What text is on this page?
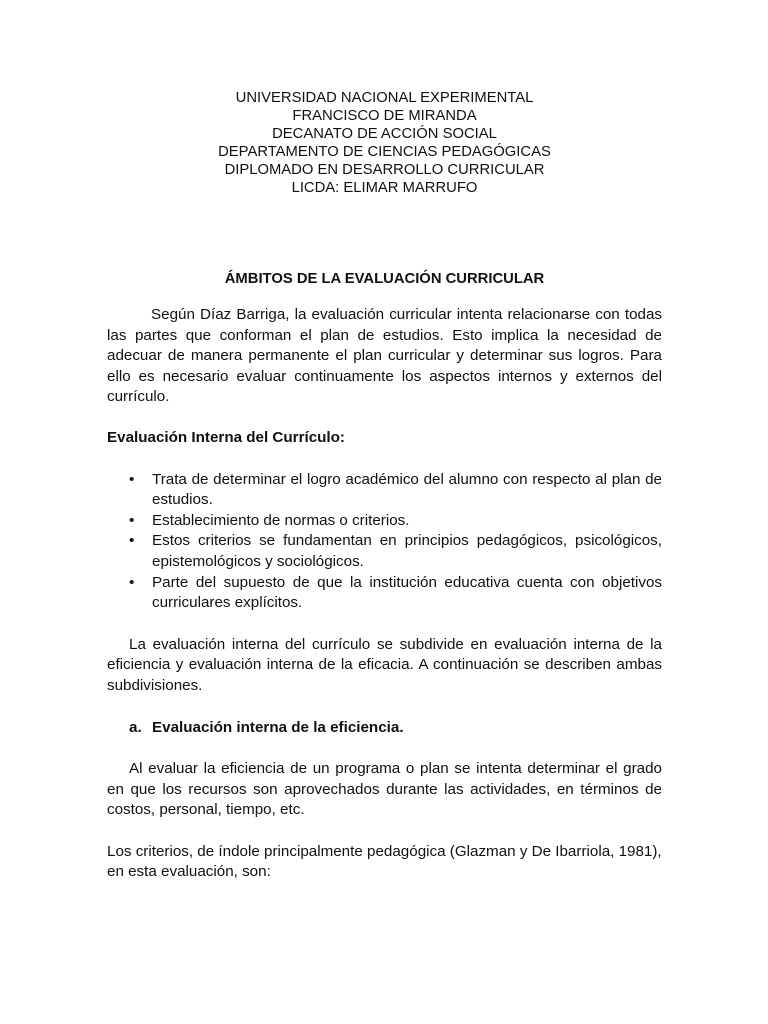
UNIVERSIDAD NACIONAL EXPERIMENTAL
FRANCISCO DE MIRANDA
DECANATO DE ACCIÓN SOCIAL
DEPARTAMENTO DE CIENCIAS PEDAGÓGICAS
DIPLOMADO EN DESARROLLO CURRICULAR
LICDA: ELIMAR MARRUFO
ÁMBITOS DE LA EVALUACIÓN CURRICULAR

Según Díaz Barriga, la evaluación curricular intenta relacionarse con todas las partes que conforman el plan de estudios. Esto implica la necesidad de adecuar de manera permanente el plan curricular y determinar sus logros. Para ello es necesario evaluar continuamente los aspectos internos y externos del currículo.

Evaluación Interna del Currículo:
• Trata de determinar el logro académico del alumno con respecto al plan de estudios.
• Establecimiento de normas o criterios.
• Estos criterios se fundamentan en principios pedagógicos, psicológicos, epistemológicos y sociológicos.
• Parte del supuesto de que la institución educativa cuenta con objetivos curriculares explícitos.

La evaluación interna del currículo se subdivide en evaluación interna de la eficiencia y evaluación interna de la eficacia. A continuación se describen ambas subdivisiones.

a. Evaluación interna de la eficiencia.

Al evaluar la eficiencia de un programa o plan se intenta determinar el grado en que los recursos son aprovechados durante las actividades, en términos de costos, personal, tiempo, etc.

Los criterios, de índole principalmente pedagógica (Glazman y De Ibarriola, 1981), en esta evaluación, son:
